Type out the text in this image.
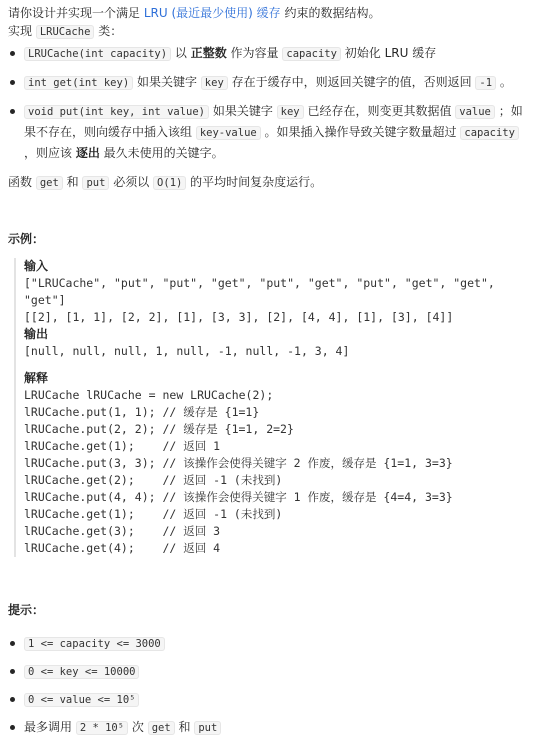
请你设计并实现一个满足 LRU (最近最少使用) 缓存 约束的数据结构。

实现 LRUCache 类：

LRUCache(int capacity) 以 正整数 作为容量 capacity 初始化 LRU 缓存
int get(int key) 如果关键字 key 存在于缓存中，则返回关键字的值，否则返回 -1 。
void put(int key, int value) 如果关键字 key 已经存在，则变更其数据值 value ；如果不存在，则向缓存中插入该组 key-value 。如果插入操作导致关键字数量超过 capacity ，则应该 逐出 最久未使用的关键字。

函数 get 和 put 必须以 O(1) 的平均时间复杂度运行。

示例：

输入
["LRUCache", "put", "put", "get", "put", "get", "put", "get", "get",
"get"]
[[2], [1, 1], [2, 2], [1], [3, 3], [2], [4, 4], [1], [3], [4]]
输出
[null, null, null, 1, null, -1, null, -1, 3, 4]
解释
LRUCache lRUCache = new LRUCache(2);
lRUCache.put(1, 1); // 缓存是 {1=1}
lRUCache.put(2, 2); // 缓存是 {1=1, 2=2}
lRUCache.get(1);    // 返回 1
lRUCache.put(3, 3); // 该操作会使得关键字 2 作废，缓存是 {1=1, 3=3}
lRUCache.get(2);    // 返回 -1 (未找到)
lRUCache.put(4, 4); // 该操作会使得关键字 1 作废，缓存是 {4=4, 3=3}
lRUCache.get(1);    // 返回 -1 (未找到)
lRUCache.get(3);    // 返回 3
lRUCache.get(4);    // 返回 4

提示：

1 <= capacity <= 3000
0 <= key <= 10000
0 <= value <= 10⁵
最多调用 2 * 10⁵ 次 get 和 put
